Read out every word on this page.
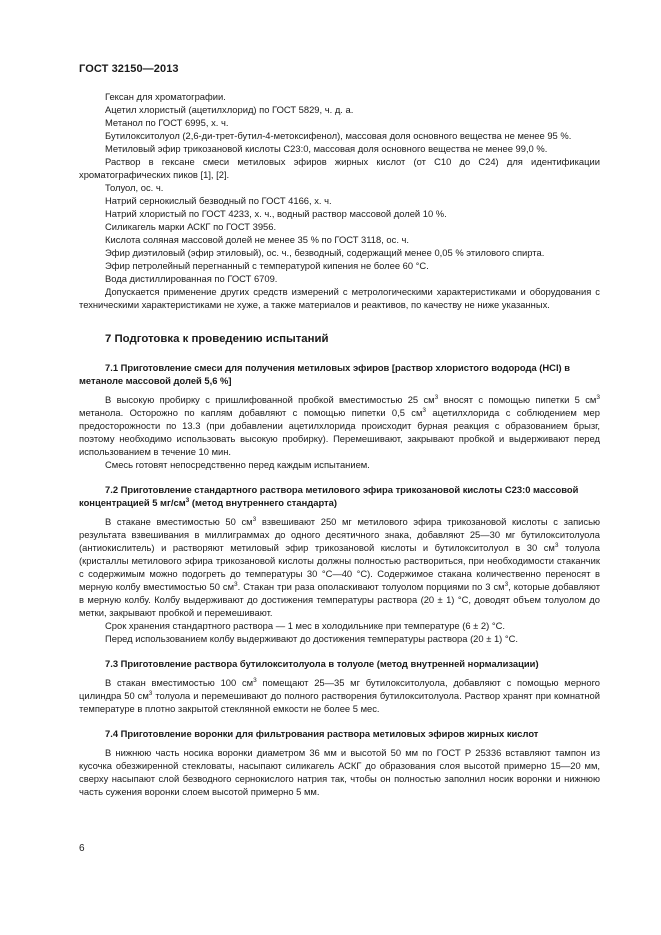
ГОСТ 32150—2013

Гексан для хроматографии.

Ацетил хлористый (ацетилхлорид) по ГОСТ 5829, ч. д. а.

Метанол по ГОСТ 6995, х. ч.

Бутилокситолуол (2,6-ди-трет-бутил-4-метоксифенол), массовая доля основного вещества не менее 95 %.

Метиловый эфир трикозановой кислоты С23:0, массовая доля основного вещества не менее 99,0 %.

Раствор в гексане смеси метиловых эфиров жирных кислот (от С10 до С24) для идентификации хроматографических пиков [1], [2].

Толуол, ос. ч.

Натрий сернокислый безводный по ГОСТ 4166, х. ч.

Натрий хлористый по ГОСТ 4233, х. ч., водный раствор массовой долей 10 %.

Силикагель марки АСКГ по ГОСТ 3956.

Кислота соляная массовой долей не менее 35 % по ГОСТ 3118, ос. ч.

Эфир диэтиловый (эфир этиловый), ос. ч., безводный, содержащий менее 0,05 % этилового спирта.

Эфир петролейный перегнанный с температурой кипения не более 60 °С.

Вода дистиллированная по ГОСТ 6709.

Допускается применение других средств измерений с метрологическими характеристиками и оборудования с техническими характеристиками не хуже, а также материалов и реактивов, по качеству не ниже указанных.

7 Подготовка к проведению испытаний
7.1 Приготовление смеси для получения метиловых эфиров [раствор хлористого водорода (HCl) в метаноле массовой долей 5,6 %]

В высокую пробирку с пришлифованной пробкой вместимостью 25 $см^3$ вносят с помощью пипетки 5 $см^3$ метанола. Осторожно по каплям добавляют с помощью пипетки 0,5 $см^3$ ацетилхлорида с соблюдением мер предосторожности по 13.3 (при добавлении ацетилхлорида происходит бурная реакция с образованием брызг, поэтому необходимо использовать высокую пробирку). Перемешивают, закрывают пробкой и выдерживают перед использованием в течение 10 мин.

Смесь готовят непосредственно перед каждым испытанием.

7.2 Приготовление стандартного раствора метилового эфира трикозановой кислоты С23:0 массовой концентрацией 5 $мг/см^3$ (метод внутреннего стандарта)

В стакане вместимостью 50 $см^3$ взвешивают 250 мг метилового эфира трикозановой кислоты с записью результата взвешивания в миллиграммах до одного десятичного знака, добавляют 25—30 мг бутилокситолуола (антиокислитель) и растворяют метиловый эфир трикозановой кислоты и бутилокситолуол в 30 $см^3$ толуола (кристаллы метилового эфира трикозановой кислоты должны полностью раствориться, при необходимости стаканчик с содержимым можно подогреть до температуры 30 °С—40 °С). Содержимое стакана количественно переносят в мерную колбу вместимостью 50 $см^3$. Стакан три раза ополаскивают толуолом порциями по 3 $см^3$, которые добавляют в мерную колбу. Колбу выдерживают до достижения температуры раствора (20 ± 1) °С, доводят объем толуолом до метки, закрывают пробкой и перемешивают.

Срок хранения стандартного раствора — 1 мес в холодильнике при температуре (6 ± 2) °С.

Перед использованием колбу выдерживают до достижения температуры раствора (20 ± 1) °С.

7.3 Приготовление раствора бутилокситолуола в толуоле (метод внутренней нормализации)

В стакан вместимостью 100 $см^3$ помещают 25—35 мг бутилокситолуола, добавляют с помощью мерного цилиндра 50 $см^3$ толуола и перемешивают до полного растворения бутилокситолуола. Раствор хранят при комнатной температуре в плотно закрытой стеклянной емкости не более 5 мес.

7.4 Приготовление воронки для фильтрования раствора метиловых эфиров жирных кислот

В нижнюю часть носика воронки диаметром 36 мм и высотой 50 мм по ГОСТ Р 25336 вставляют тампон из кусочка обезжиренной стекловаты, насыпают силикагель АСКГ до образования слоя высотой примерно 15—20 мм, сверху насыпают слой безводного сернокислого натрия так, чтобы он полностью заполнил носик воронки и нижнюю часть сужения воронки слоем высотой примерно 5 мм.

6
